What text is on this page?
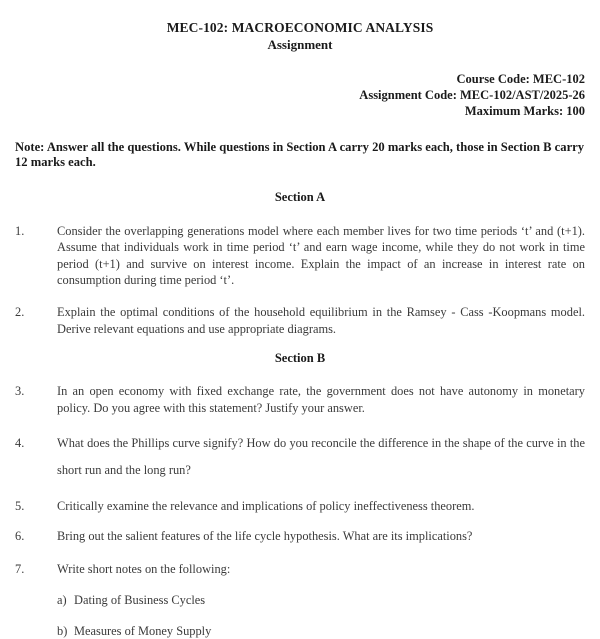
MEC-102: MACROECONOMIC ANALYSIS
Assignment
Course Code: MEC-102
Assignment Code: MEC-102/AST/2025-26
Maximum Marks: 100
Note: Answer all the questions. While questions in Section A carry 20 marks each, those in Section B carry 12 marks each.
Section A
1.	Consider the overlapping generations model where each member lives for two time periods ‘t’ and (t+1). Assume that individuals work in time period ‘t’ and earn wage income, while they do not work in time period (t+1) and survive on interest income. Explain the impact of an increase in interest rate on consumption during time period ‘t’.
2.	Explain the optimal conditions of the household equilibrium in the Ramsey - Cass -Koopmans model. Derive relevant equations and use appropriate diagrams.
Section B
3.	In an open economy with fixed exchange rate, the government does not have autonomy in monetary policy. Do you agree with this statement? Justify your answer.
4.	What does the Phillips curve signify? How do you reconcile the difference in the shape of the curve in the short run and the long run?
5.	Critically examine the relevance and implications of policy ineffectiveness theorem.
6.	Bring out the salient features of the life cycle hypothesis. What are its implications?
7.	Write short notes on the following:
a) Dating of Business Cycles
b) Measures of Money Supply
